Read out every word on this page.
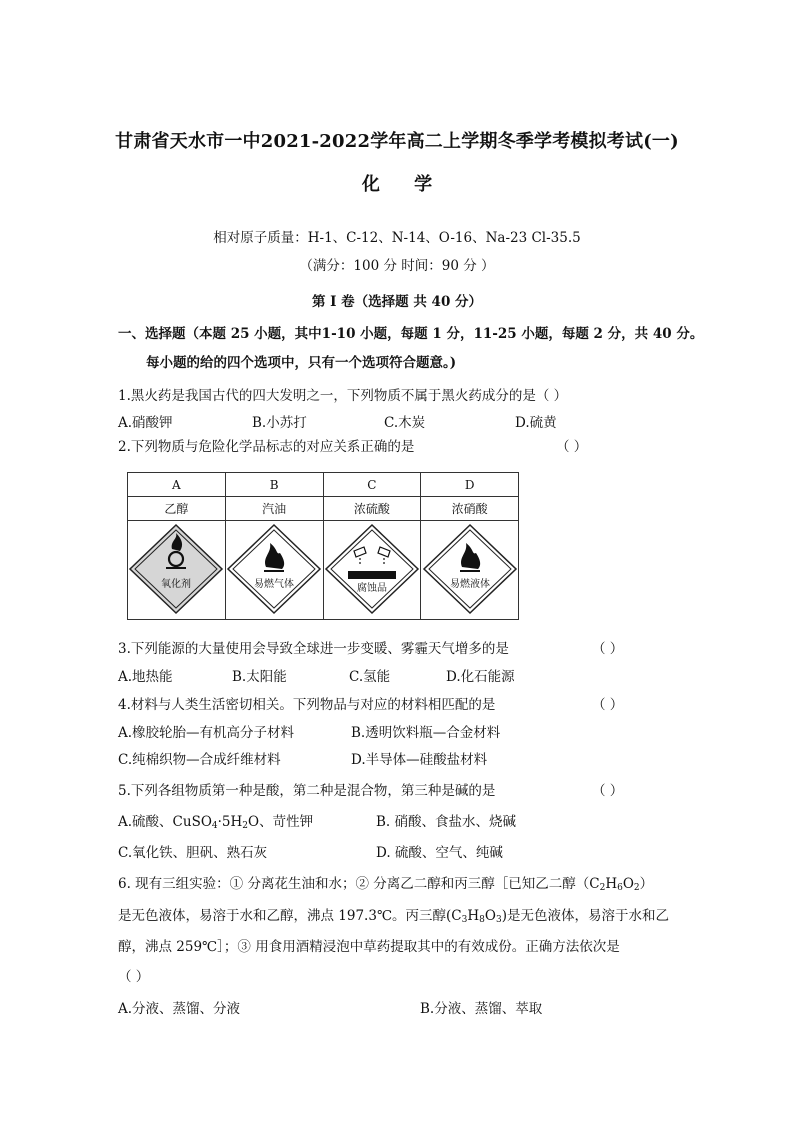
甘肃省天水市一中2021-2022学年高二上学期冬季学考模拟考试(一)
化 学
相对原子质量：H-1、C-12、N-14、O-16、Na-23 Cl-35.5
（满分：100 分 时间：90 分 ）
第 I 卷（选择题 共 40 分）
一、选择题（本题 25 小题，其中1-10 小题，每题 1 分，11-25 小题，每题 2 分，共 40 分。
每小题的给的四个选项中，只有一个选项符合题意。)
1.黑火药是我国古代的四大发明之一，下列物质不属于黑火药成分的是（ ）
A.硝酸钾	B.小苏打	C.木炭	D.硫黄
2.下列物质与危险化学品标志的对应关系正确的是	（ ）
A	B	C	D
乙醇	汽油	浓硫酸	浓硝酸

氧化剂	易燃气体	腐蚀品	易燃液体
3.下列能源的大量使用会导致全球进一步变暖、雾霾天气增多的是	（ ）
A.地热能	B.太阳能	C.氢能	D.化石能源
4.材料与人类生活密切相关。下列物品与对应的材料相匹配的是	（ ）
A.橡胶轮胎—有机高分子材料	B.透明饮料瓶—合金材料
C.纯棉织物—合成纤维材料	D.半导体—硅酸盐材料
5.下列各组物质第一种是酸，第二种是混合物，第三种是碱的是	（ ）
A.硫酸、$CuSO_4\cdot 5H_2O$、苛性钾	B. 硝酸、食盐水、烧碱
C.氧化铁、胆矾、熟石灰	D. 硫酸、空气、纯碱
6. 现有三组实验：① 分离花生油和水；② 分离乙二醇和丙三醇［已知乙二醇$(C_2H_6O_2)$
是无色液体，易溶于水和乙醇，沸点 197.3℃。丙三醇$(C_3H_8O_3)$是无色液体，易溶于水和乙
醇，沸点 259℃］；③ 用食用酒精浸泡中草药提取其中的有效成份。正确方法依次是
（ ）
A.分液、蒸馏、分液	B.分液、蒸馏、萃取
